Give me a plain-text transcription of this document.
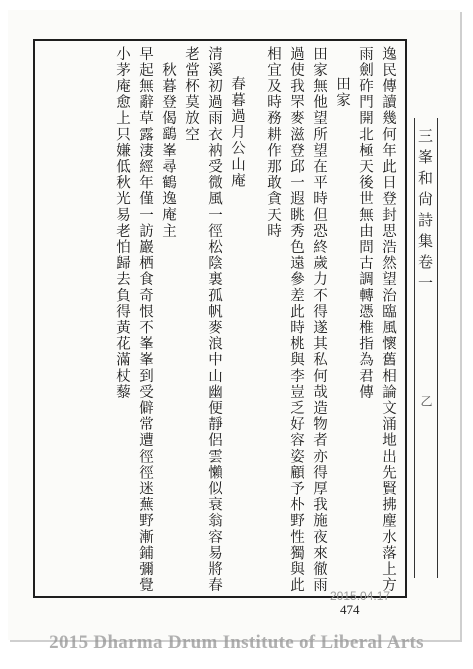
逸民傳讀幾何年此日登封思浩然望治臨風懷舊相論文涌地出先賢拂麈水落上方
雨劍砟門開北極天後世無由問古調轉憑椎指為君傳
田家
田家無他望所望在平時但恐終歲力不得遂其私何哉造物者亦得厚我施夜來徹雨
過使我罘麥滋登邱一遐眺秀色遠參差此時桃與李豈乏好容姿顧予朴野性獨與此
相宜及時務耕作那敢貪天時
春暮過月公山庵
清溪初過雨衣衲受微風一徑松陰裏孤帆麥浪中山幽便靜侶雲懶似衰翁容易將春
老當杯莫放空
秋暮登偈鷂峯尋鶴逸庵主
早起無辭草露淒經年僅一訪巖栖食奇恨不峯峯到受僻常遭徑徑迷蕪野漸鋪彌覺
小茅庵愈上只嫌低秋光易老怕歸去負得黃花滿杖藜	三峯和尙詩集卷一
乙
2015.04.17
474
2015 Dharma Drum Institute of Liberal Arts
